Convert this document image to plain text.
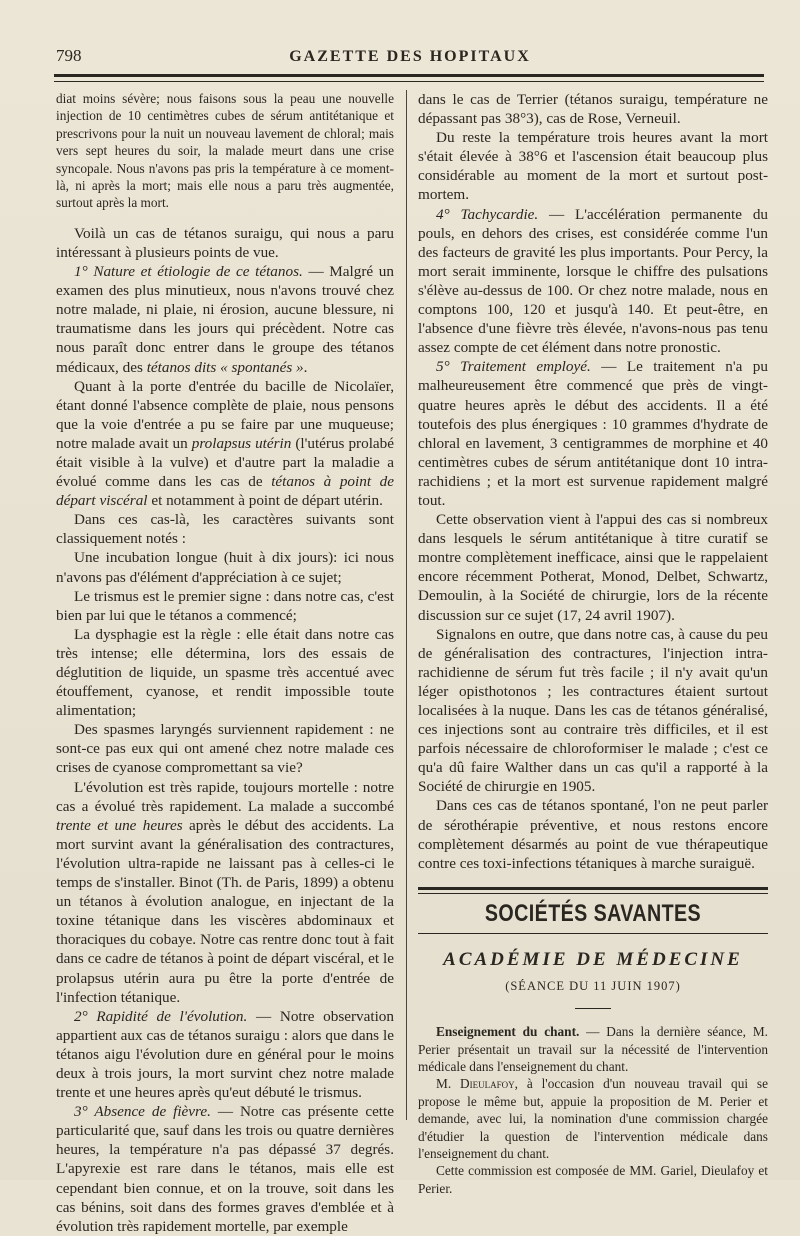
798	GAZETTE DES HOPITAUX

diat moins sévère; nous faisons sous la peau une nouvelle injection de 10 centimètres cubes de sérum antitétanique et prescrivons pour la nuit un nouveau lavement de chloral; mais vers sept heures du soir, la malade meurt dans une crise syncopale. Nous n'avons pas pris la température à ce moment-là, ni après la mort; mais elle nous a paru très augmentée, surtout après la mort.

Voilà un cas de tétanos suraigu, qui nous a paru intéressant à plusieurs points de vue.

1° Nature et étiologie de ce tétanos. — Malgré un examen des plus minutieux, nous n'avons trouvé chez notre malade, ni plaie, ni érosion, aucune blessure, ni traumatisme dans les jours qui précèdent. Notre cas nous paraît donc entrer dans le groupe des tétanos médicaux, des tétanos dits « spontanés ».

Quant à la porte d'entrée du bacille de Nicolaïer, étant donné l'absence complète de plaie, nous pensons que la voie d'entrée a pu se faire par une muqueuse; notre malade avait un prolapsus utérin (l'utérus prolabé était visible à la vulve) et d'autre part la maladie a évolué comme dans les cas de tétanos à point de départ viscéral et notamment à point de départ utérin.

Dans ces cas-là, les caractères suivants sont classiquement notés :

Une incubation longue (huit à dix jours): ici nous n'avons pas d'élément d'appréciation à ce sujet;

Le trismus est le premier signe : dans notre cas, c'est bien par lui que le tétanos a commencé;

La dysphagie est la règle : elle était dans notre cas très intense; elle détermina, lors des essais de déglutition de liquide, un spasme très accentué avec étouffement, cyanose, et rendit impossible toute alimentation;

Des spasmes laryngés surviennent rapidement : ne sont-ce pas eux qui ont amené chez notre malade ces crises de cyanose compromettant sa vie?

L'évolution est très rapide, toujours mortelle : notre cas a évolué très rapidement. La malade a succombé trente et une heures après le début des accidents. La mort survint avant la généralisation des contractures, l'évolution ultra-rapide ne laissant pas à celles-ci le temps de s'installer. Binot (Th. de Paris, 1899) a obtenu un tétanos à évolution analogue, en injectant de la toxine tétanique dans les viscères abdominaux et thoraciques du cobaye. Notre cas rentre donc tout à fait dans ce cadre de tétanos à point de départ viscéral, et le prolapsus utérin aura pu être la porte d'entrée de l'infection tétanique.

2° Rapidité de l'évolution. — Notre observation appartient aux cas de tétanos suraigu : alors que dans le tétanos aigu l'évolution dure en général pour le moins deux à trois jours, la mort survint chez notre malade trente et une heures après qu'eut débuté le trismus.

3° Absence de fièvre. — Notre cas présente cette particularité que, sauf dans les trois ou quatre dernières heures, la température n'a pas dépassé 37 degrés. L'apyrexie est rare dans le tétanos, mais elle est cependant bien connue, et on la trouve, soit dans les cas bénins, soit dans des formes graves d'emblée et à évolution très rapidement mortelle, par exemple

dans le cas de Terrier (tétanos suraigu, température ne dépassant pas 38°3), cas de Rose, Verneuil.

Du reste la température trois heures avant la mort s'était élevée à 38°6 et l'ascension était beaucoup plus considérable au moment de la mort et surtout post-mortem.

4° Tachycardie. — L'accélération permanente du pouls, en dehors des crises, est considérée comme l'un des facteurs de gravité les plus importants. Pour Percy, la mort serait imminente, lorsque le chiffre des pulsations s'élève au-dessus de 100. Or chez notre malade, nous en comptons 100, 120 et jusqu'à 140. Et peut-être, en l'absence d'une fièvre très élevée, n'avons-nous pas tenu assez compte de cet élément dans notre pronostic.

5° Traitement employé. — Le traitement n'a pu malheureusement être commencé que près de vingt-quatre heures après le début des accidents. Il a été toutefois des plus énergiques : 10 grammes d'hydrate de chloral en lavement, 3 centigrammes de morphine et 40 centimètres cubes de sérum antitétanique dont 10 intra-rachidiens ; et la mort est survenue rapidement malgré tout.

Cette observation vient à l'appui des cas si nombreux dans lesquels le sérum antitétanique à titre curatif se montre complètement inefficace, ainsi que le rappelaient encore récemment Potherat, Monod, Delbet, Schwartz, Demoulin, à la Société de chirurgie, lors de la récente discussion sur ce sujet (17, 24 avril 1907).

Signalons en outre, que dans notre cas, à cause du peu de généralisation des contractures, l'injection intra-rachidienne de sérum fut très facile ; il n'y avait qu'un léger opisthotonos ; les contractures étaient surtout localisées à la nuque. Dans les cas de tétanos généralisé, ces injections sont au contraire très difficiles, et il est parfois nécessaire de chloroformiser le malade ; c'est ce qu'a dû faire Walther dans un cas qu'il a rapporté à la Société de chirurgie en 1905.

Dans ces cas de tétanos spontané, l'on ne peut parler de sérothérapie préventive, et nous restons encore complètement désarmés au point de vue thérapeutique contre ces toxi-infections tétaniques à marche suraiguë.

SOCIÉTÉS SAVANTES
ACADÉMIE DE MÉDECINE
(SÉANCE DU 11 JUIN 1907)

Enseignement du chant. — Dans la dernière séance, M. Perier présentait un travail sur la nécessité de l'intervention médicale dans l'enseignement du chant.

M. Dieulafoy, à l'occasion d'un nouveau travail qui se propose le même but, appuie la proposition de M. Perier et demande, avec lui, la nomination d'une commission chargée d'étudier la question de l'intervention médicale dans l'enseignement du chant.

Cette commission est composée de MM. Gariel, Dieulafoy et Perier.
